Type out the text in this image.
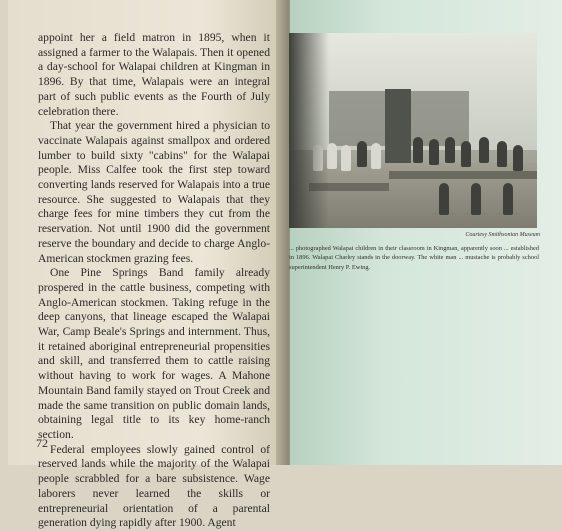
appoint her a field matron in 1895, when it assigned a farmer to the Walapais. Then it opened a day-school for Walapai children at Kingman in 1896. By that time, Walapais were an integral part of such public events as the Fourth of July celebration there.

That year the government hired a physician to vaccinate Walapais against smallpox and ordered lumber to build sixty "cabins" for the Walapai people. Miss Calfee took the first step toward converting lands reserved for Walapais into a true resource. She suggested to Walapais that they charge fees for mine timbers they cut from the reservation. Not until 1900 did the government reserve the boundary and decide to charge Anglo-American stockmen grazing fees.

One Pine Springs Band family already prospered in the cattle business, competing with Anglo-American stockmen. Taking refuge in the deep canyons, that lineage escaped the Walapai War, Camp Beale's Springs and internment. Thus, it retained aboriginal entrepreneurial propensities and skill, and transferred them to cattle raising without having to work for wages. A Mahone Mountain Band family stayed on Trout Creek and made the same transition on public domain lands, obtaining legal title to its key home-ranch section.

Federal employees slowly gained control of reserved lands while the majority of the Walapai people scrabbled for a bare subsistence. Wage laborers never learned the skills or entrepreneurial orientation of a parental generation dying rapidly after 1900. Agent

72
Courtesy Smithsonian Museum
... photographed Walapai children in their classroom in Kingman, apparently soon ... established in 1896. Walapai Charley stands in the doorway. The white man ... mustache is probably school superintendent Henry P. Ewing.
